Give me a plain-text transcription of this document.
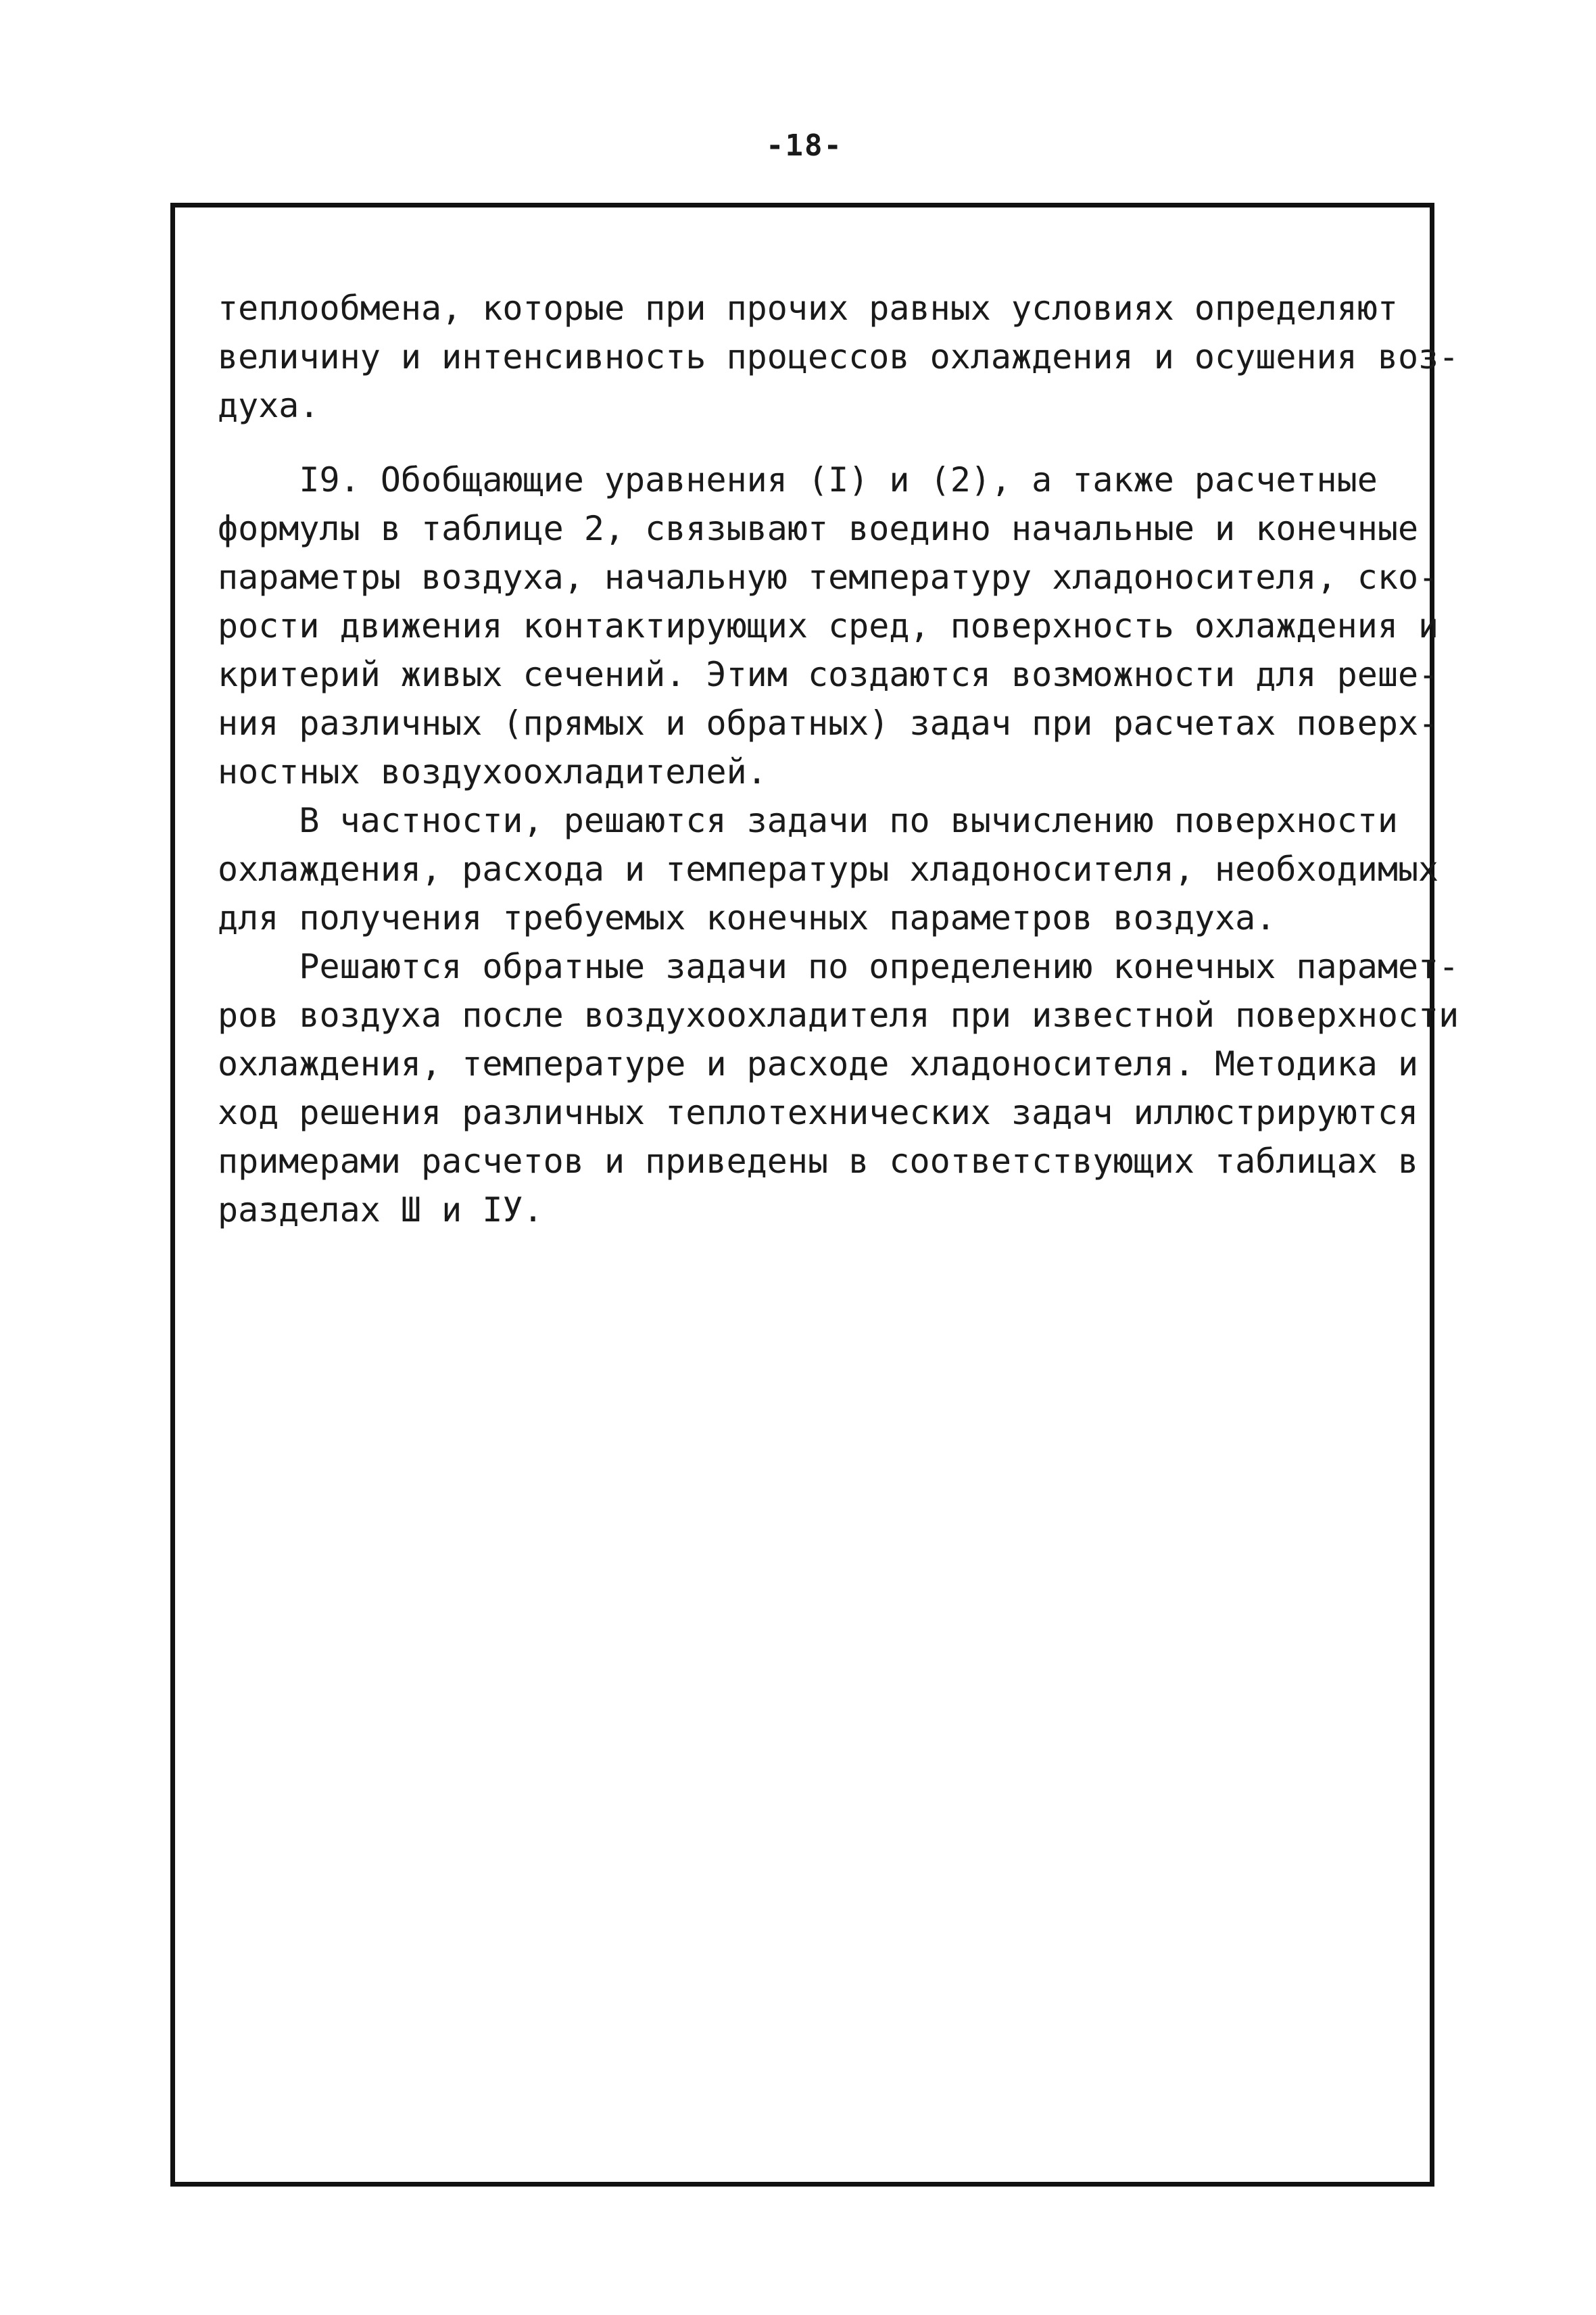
-18-
теплообмена, которые при прочих равных условиях определяют
величину и интенсивность процессов охлаждения и осушения воз-
духа.
I9. Обобщающие уравнения (I) и (2), а также расчетные
формулы в таблице 2, связывают воедино начальные и конечные
параметры воздуха, начальную температуру хладоносителя, ско-
рости движения контактирующих сред, поверхность охлаждения и
критерий живых сечений. Этим создаются возможности для реше-
ния различных (прямых и обратных) задач при расчетах поверх-
ностных воздухоохладителей.
В частности, решаются задачи по вычислению поверхности
охлаждения, расхода и температуры хладоносителя, необходимых
для получения требуемых конечных параметров воздуха.
Решаются обратные задачи по определению конечных парамет-
ров воздуха после воздухоохладителя при известной поверхности
охлаждения, температуре и расходе хладоносителя. Методика и
ход решения различных теплотехнических задач иллюстрируются
примерами расчетов и приведены в соответствующих таблицах в
разделах Ш и IУ.
